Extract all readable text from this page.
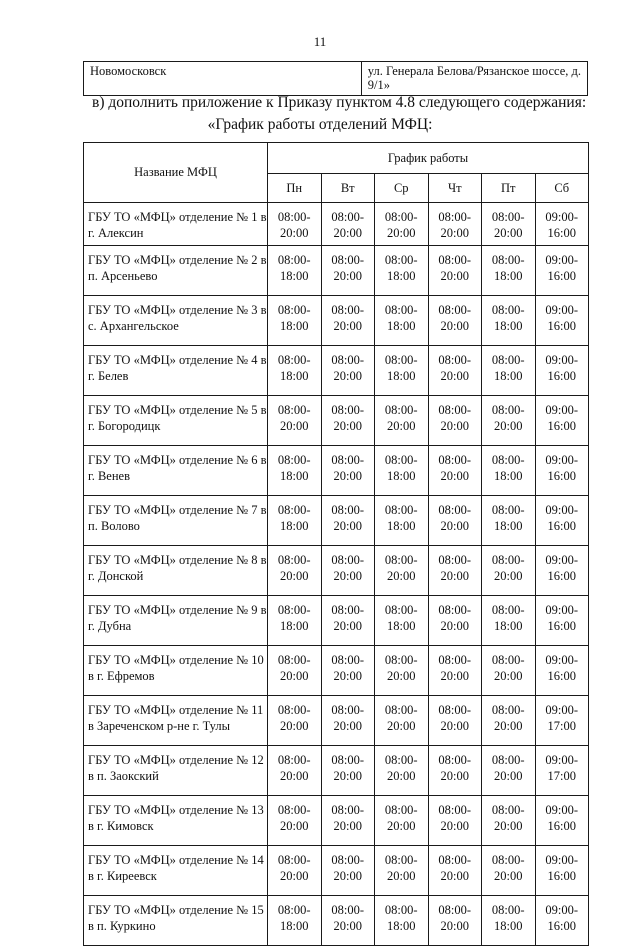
11
Новомосковск	ул. Генерала Белова/Рязанское шоссе, д.
9/1»
в) дополнить приложение к Приказу пунктом 4.8 следующего содержания:
«График работы отделений МФЦ:
Название МФЦ	График работы					
	Пн	Вт	Ср	Чт	Пт	Сб

ГБУ ТО «МФЦ» отделение № 1 в
г. Алексин	08:00-
20:00	08:00-
20:00	08:00-
20:00	08:00-
20:00	08:00-
20:00	09:00-
16:00

ГБУ ТО «МФЦ» отделение № 2 в
п. Арсеньево	08:00-
18:00	08:00-
20:00	08:00-
18:00	08:00-
20:00	08:00-
18:00	09:00-
16:00

ГБУ ТО «МФЦ» отделение № 3 в
с. Архангельское	08:00-
18:00	08:00-
20:00	08:00-
18:00	08:00-
20:00	08:00-
18:00	09:00-
16:00

ГБУ ТО «МФЦ» отделение № 4 в
г. Белев	08:00-
18:00	08:00-
20:00	08:00-
18:00	08:00-
20:00	08:00-
18:00	09:00-
16:00

ГБУ ТО «МФЦ» отделение № 5 в
г. Богородицк	08:00-
20:00	08:00-
20:00	08:00-
20:00	08:00-
20:00	08:00-
20:00	09:00-
16:00

ГБУ ТО «МФЦ» отделение № 6 в
г. Венев	08:00-
18:00	08:00-
20:00	08:00-
18:00	08:00-
20:00	08:00-
18:00	09:00-
16:00

ГБУ ТО «МФЦ» отделение № 7 в
п. Волово	08:00-
18:00	08:00-
20:00	08:00-
18:00	08:00-
20:00	08:00-
18:00	09:00-
16:00

ГБУ ТО «МФЦ» отделение № 8 в
г. Донской	08:00-
20:00	08:00-
20:00	08:00-
20:00	08:00-
20:00	08:00-
20:00	09:00-
16:00

ГБУ ТО «МФЦ» отделение № 9 в
г. Дубна	08:00-
18:00	08:00-
20:00	08:00-
18:00	08:00-
20:00	08:00-
18:00	09:00-
16:00

ГБУ ТО «МФЦ» отделение № 10
в г. Ефремов	08:00-
20:00	08:00-
20:00	08:00-
20:00	08:00-
20:00	08:00-
20:00	09:00-
16:00

ГБУ ТО «МФЦ» отделение № 11
в Зареченском р-не г. Тулы	08:00-
20:00	08:00-
20:00	08:00-
20:00	08:00-
20:00	08:00-
20:00	09:00-
17:00

ГБУ ТО «МФЦ» отделение № 12
в п. Заокский	08:00-
20:00	08:00-
20:00	08:00-
20:00	08:00-
20:00	08:00-
20:00	09:00-
17:00

ГБУ ТО «МФЦ» отделение № 13
в г. Кимовск	08:00-
20:00	08:00-
20:00	08:00-
20:00	08:00-
20:00	08:00-
20:00	09:00-
16:00

ГБУ ТО «МФЦ» отделение № 14
в г. Киреевск	08:00-
20:00	08:00-
20:00	08:00-
20:00	08:00-
20:00	08:00-
20:00	09:00-
16:00

ГБУ ТО «МФЦ» отделение № 15
в п. Куркино	08:00-
18:00	08:00-
20:00	08:00-
18:00	08:00-
20:00	08:00-
18:00	09:00-
16:00
